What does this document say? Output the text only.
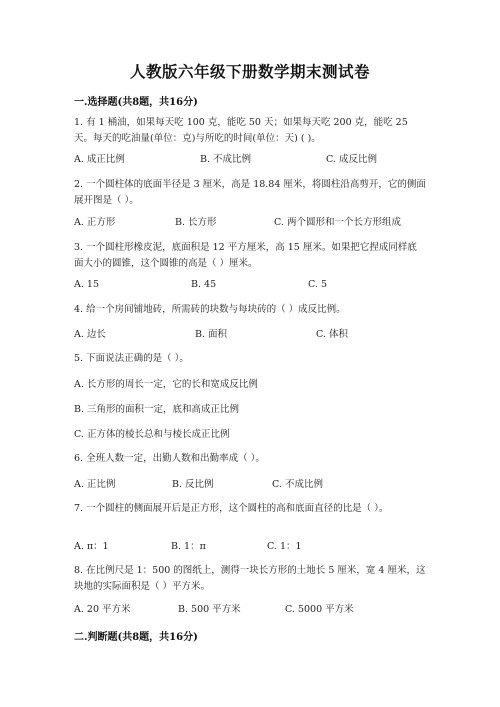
人教版六年级下册数学期末测试卷
一.选择题(共8题，共16分)
1. 有 1 桶油，如果每天吃 100 克，能吃 50 天；如果每天吃 200 克，能吃 25 天。每天的吃油量(单位：克)与所吃的时间(单位：天) ( )。
A. 成正比例	B. 不成比例	C. 成反比例
2. 一个圆柱体的底面半径是 3 厘米，高是 18.84 厘米，将圆柱沿高剪开，它的侧面展开图是（ ）。
A. 正方形	B. 长方形	C. 两个圆形和一个长方形组成
3. 一个圆柱形橡皮泥，底面积是 12 平方厘米，高 15 厘米。如果把它捏成同样底面大小的圆锥，这个圆锥的高是（ ）厘米。
A. 15	B. 45	C. 5
4. 给一个房间铺地砖，所需砖的块数与每块砖的（ ）成反比例。
A. 边长	B. 面积	C. 体积
5. 下面说法正确的是（ ）。
A. 长方形的周长一定，它的长和宽成反比例
B. 三角形的面积一定，底和高成正比例
C. 正方体的棱长总和与棱长成正比例
6. 全班人数一定，出勤人数和出勤率成（ ）。
A. 正比例	B. 反比例	C. 不成比例
7. 一个圆柱的侧面展开后是正方形，这个圆柱的高和底面直径的比是（ ）。
A. π：1	B. 1：π	C. 1：1
8. 在比例尺是 1：500 的图纸上，测得一块长方形的土地长 5 厘米，宽 4 厘米，这块地的实际面积是（ ）平方米。
A. 20 平方米	B. 500 平方米	C. 5000 平方米
二.判断题(共8题，共16分)
